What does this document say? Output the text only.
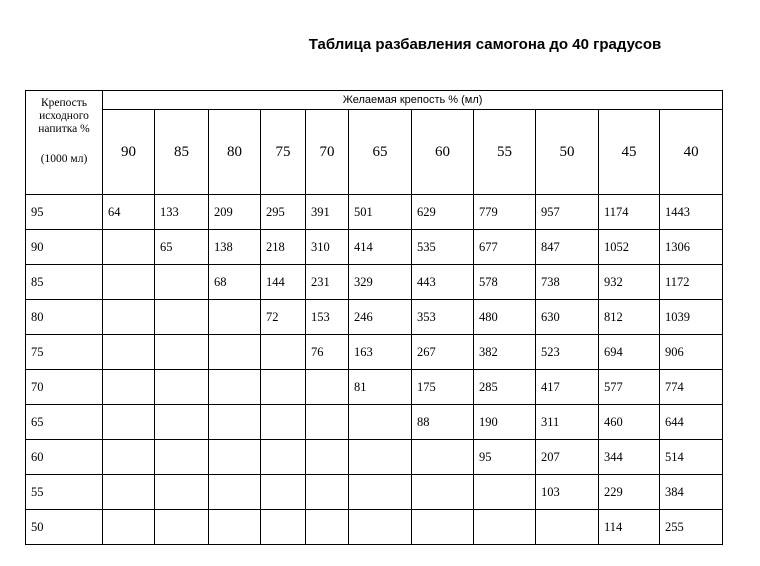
Таблица разбавления самогона до 40 градусов
Крепость
исходного
напитка %
(1000 мл)	Желаемая крепость % (мл)										
	90	85	80	75	70	65	60	55	50	45	40
95	64	133	209	295	391	501	629	779	957	1174	1443
90		65	138	218	310	414	535	677	847	1052	1306
85			68	144	231	329	443	578	738	932	1172
80				72	153	246	353	480	630	812	1039
75					76	163	267	382	523	694	906
70						81	175	285	417	577	774
65							88	190	311	460	644
60								95	207	344	514
55									103	229	384
50										114	255
